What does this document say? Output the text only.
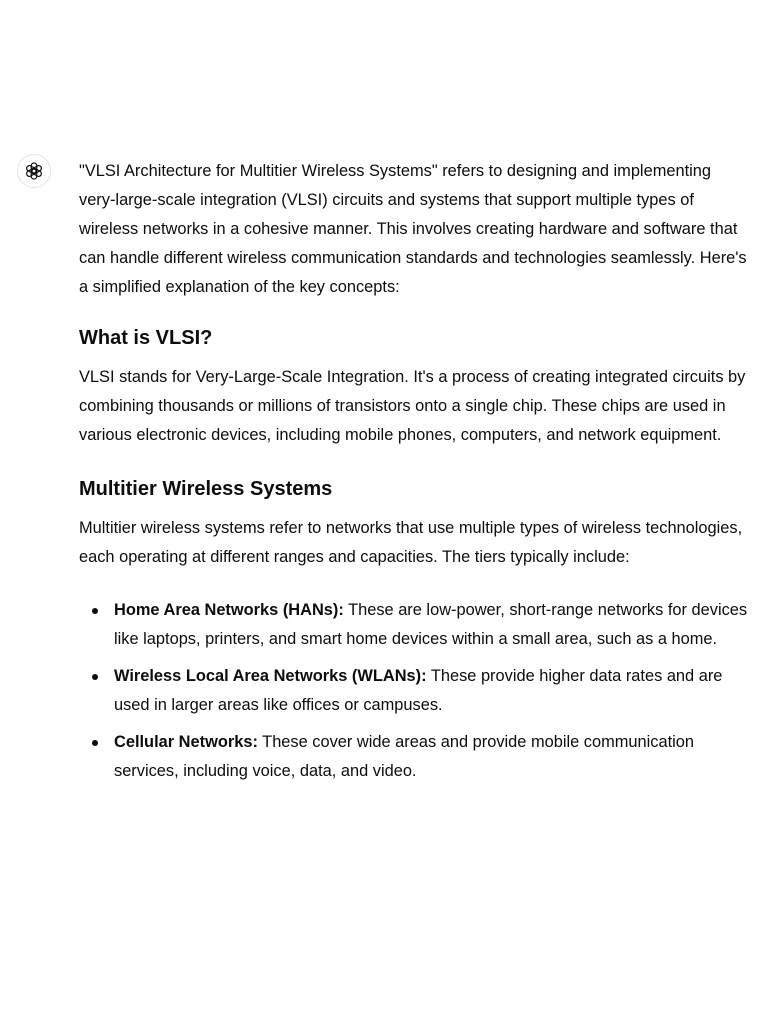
"VLSI Architecture for Multitier Wireless Systems" refers to designing and implementing very-large-scale integration (VLSI) circuits and systems that support multiple types of wireless networks in a cohesive manner. This involves creating hardware and software that can handle different wireless communication standards and technologies seamlessly. Here's a simplified explanation of the key concepts:

What is VLSI?

VLSI stands for Very-Large-Scale Integration. It's a process of creating integrated circuits by combining thousands or millions of transistors onto a single chip. These chips are used in various electronic devices, including mobile phones, computers, and network equipment.

Multitier Wireless Systems

Multitier wireless systems refer to networks that use multiple types of wireless technologies, each operating at different ranges and capacities. The tiers typically include:

Home Area Networks (HANs): These are low-power, short-range networks for devices like laptops, printers, and smart home devices within a small area, such as a home.
Wireless Local Area Networks (WLANs): These provide higher data rates and are used in larger areas like offices or campuses.
Cellular Networks: These cover wide areas and provide mobile communication services, including voice, data, and video.
